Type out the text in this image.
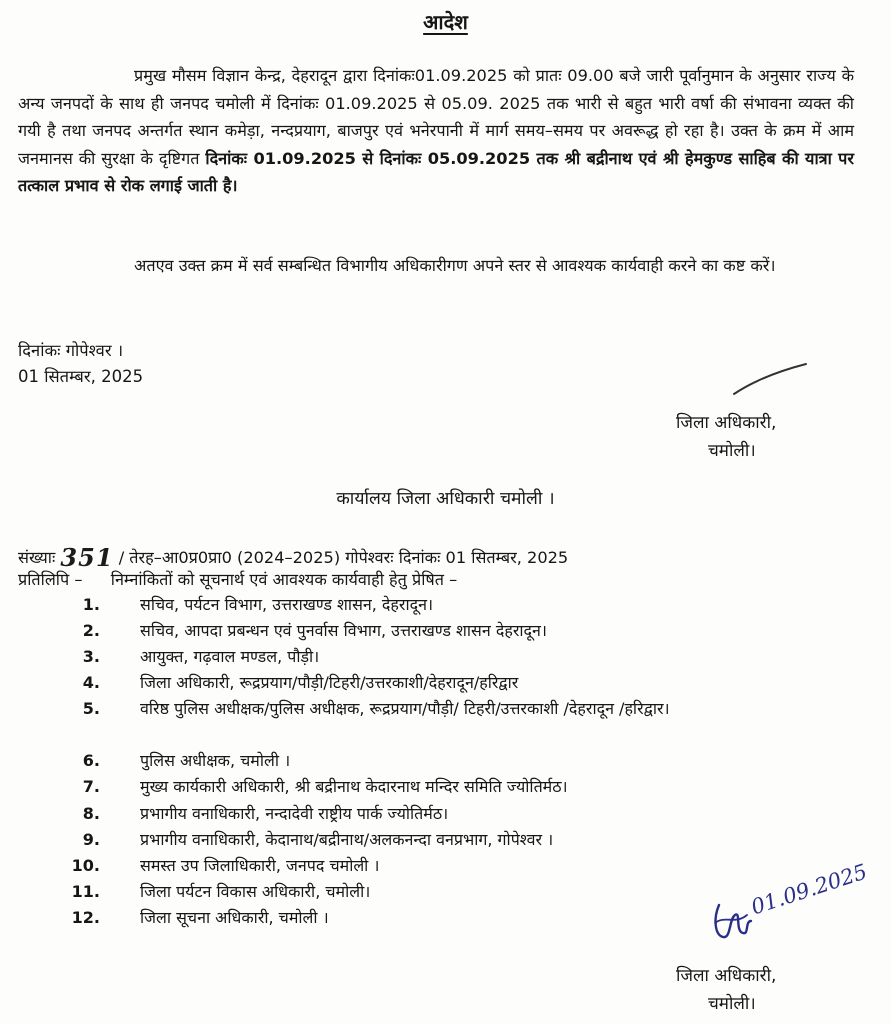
आदेश
प्रमुख मौसम विज्ञान केन्द्र, देहरादून द्वारा दिनांकः01.09.2025 को प्रातः 09.00 बजे जारी पूर्वानुमान के अनुसार राज्य के अन्य जनपदों के साथ ही जनपद चमोली में दिनांकः 01.09.2025 से 05.09. 2025 तक भारी से बहुत भारी वर्षा की संभावना व्यक्त की गयी है तथा जनपद अन्तर्गत स्थान कमेड़ा, नन्दप्रयाग, बाजपुर एवं भनेरपानी में मार्ग समय–समय पर अवरूद्ध हो रहा है। उक्त के क्रम में आम जनमानस की सुरक्षा के दृष्टिगत दिनांकः 01.09.2025 से दिनांकः 05.09.2025 तक श्री बद्रीनाथ एवं श्री हेमकुण्ड साहिब की यात्रा पर तत्काल प्रभाव से रोक लगाई जाती है।
अतएव उक्त क्रम में सर्व सम्बन्धित विभागीय अधिकारीगण अपने स्तर से आवश्यक कार्यवाही करने का कष्ट करें।
दिनांकः गोपेश्वर ।
01 सितम्बर, 2025
जिला अधिकारी,
चमोली।
कार्यालय जिला अधिकारी चमोली ।
संख्याः 351 / तेरह–आ0प्र0प्रा0 (2024–2025) गोपेश्वरः दिनांकः 01 सितम्बर, 2025
प्रतिलिपि – निम्नांकितों को सूचनार्थ एवं आवश्यक कार्यवाही हेतु प्रेषित –
1.	सचिव, पर्यटन विभाग, उत्तराखण्ड शासन, देहरादून।
2.	सचिव, आपदा प्रबन्धन एवं पुनर्वास विभाग, उत्तराखण्ड शासन देहरादून।
3.	आयुक्त, गढ़वाल मण्डल, पौड़ी।
4.	जिला अधिकारी, रूद्रप्रयाग/पौड़ी/टिहरी/उत्तरकाशी/देहरादून/हरिद्वार
5.	वरिष्ठ पुलिस अधीक्षक/पुलिस अधीक्षक, रूद्रप्रयाग/पौड़ी/ टिहरी/उत्तरकाशी /देहरादून /हरिद्वार।
6.	पुलिस अधीक्षक, चमोली ।
7.	मुख्य कार्यकारी अधिकारी, श्री बद्रीनाथ केदारनाथ मन्दिर समिति ज्योतिर्मठ।
8.	प्रभागीय वनाधिकारी, नन्दादेवी राष्ट्रीय पार्क ज्योतिर्मठ।
9.	प्रभागीय वनाधिकारी, केदानाथ/बद्रीनाथ/अलकनन्दा वनप्रभाग, गोपेश्वर ।
10.	समस्त उप जिलाधिकारी, जनपद चमोली ।
11.	जिला पर्यटन विकास अधिकारी, चमोली।
12.	जिला सूचना अधिकारी, चमोली ।	01.09.2025
जिला अधिकारी,
चमोली।
